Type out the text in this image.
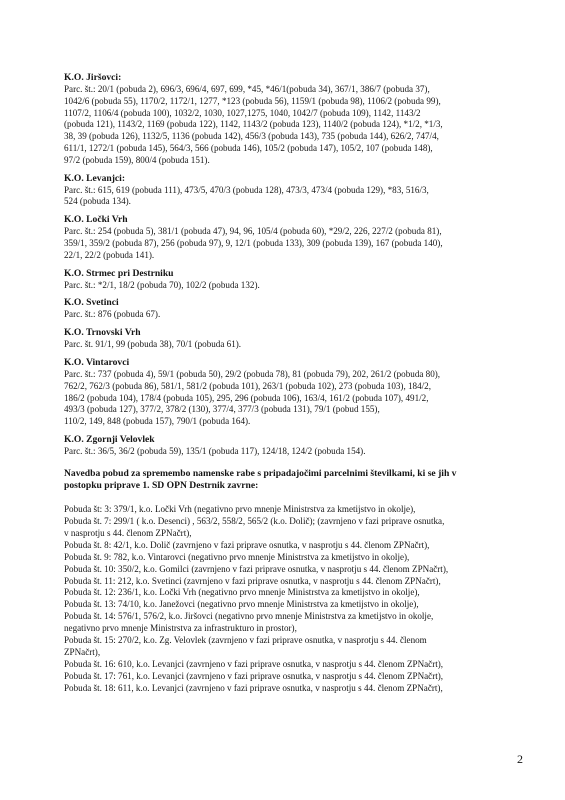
K.O. Jiršovci:
Parc. št.: 20/1 (pobuda 2), 696/3, 696/4, 697, 699, *45, *46/1(pobuda 34), 367/1, 386/7 (pobuda 37),
1042/6 (pobuda 55), 1170/2, 1172/1, 1277, *123 (pobuda 56), 1159/1 (pobuda 98), 1106/2 (pobuda 99),
1107/2, 1106/4 (pobuda 100), 1032/2, 1030, 1027,1275, 1040, 1042/7 (pobuda 109), 1142, 1143/2
(pobuda 121), 1143/2, 1169 (pobuda 122), 1142, 1143/2 (pobuda 123), 1140/2 (pobuda 124), *1/2, *1/3,
38, 39 (pobuda 126), 1132/5, 1136 (pobuda 142), 456/3 (pobuda 143), 735 (pobuda 144), 626/2, 747/4,
611/1, 1272/1 (pobuda 145), 564/3, 566 (pobuda 146), 105/2 (pobuda 147), 105/2, 107 (pobuda 148),
97/2 (pobuda 159), 800/4 (pobuda 151).
K.O. Levanjci:
Parc. št.: 615, 619 (pobuda 111), 473/5, 470/3 (pobuda 128), 473/3, 473/4 (pobuda 129), *83, 516/3,
524 (pobuda 134).
K.O. Ločki Vrh
Parc. št.: 254 (pobuda 5), 381/1 (pobuda 47), 94, 96, 105/4 (pobuda 60), *29/2, 226, 227/2 (pobuda 81),
359/1, 359/2 (pobuda 87), 256 (pobuda 97), 9, 12/1 (pobuda 133), 309 (pobuda 139), 167 (pobuda 140),
22/1, 22/2 (pobuda 141).
K.O. Strmec pri Destrniku
Parc. št.: *2/1, 18/2 (pobuda 70), 102/2 (pobuda 132).
K.O. Svetinci
Parc. št.: 876 (pobuda 67).
K.O. Trnovski Vrh
Parc. št. 91/1, 99 (pobuda 38), 70/1 (pobuda 61).
K.O. Vintarovci
Parc. št.: 737 (pobuda 4), 59/1 (pobuda 50), 29/2 (pobuda 78), 81 (pobuda 79), 202, 261/2 (pobuda 80),
762/2, 762/3 (pobuda 86), 581/1, 581/2 (pobuda 101), 263/1 (pobuda 102), 273 (pobuda 103), 184/2,
186/2 (pobuda 104), 178/4 (pobuda 105), 295, 296 (pobuda 106), 163/4, 161/2 (pobuda 107), 491/2,
493/3 (pobuda 127), 377/2, 378/2 (130), 377/4, 377/3 (pobuda 131), 79/1 (pobud 155),
110/2, 149, 848 (pobuda 157), 790/1 (pobuda 164).
K.O. Zgornji Velovlek
Parc. št.: 36/5, 36/2 (pobuda 59), 135/1 (pobuda 117), 124/18, 124/2 (pobuda 154).
Navedba pobud za spremembo namenske rabe s pripadajočimi parcelnimi številkami, ki se jih v
postopku priprave 1. SD OPN Destrnik zavrne:
Pobuda št: 3: 379/1, k.o. Ločki Vrh (negativno prvo mnenje Ministrstva za kmetijstvo in okolje),
Pobuda št. 7: 299/1 ( k.o. Desenci) , 563/2, 558/2, 565/2 (k.o. Dolič); (zavrnjeno v fazi priprave osnutka,
v nasprotju s 44. členom ZPNačrt),
Pobuda št. 8: 42/1, k.o. Dolič (zavrnjeno v fazi priprave osnutka, v nasprotju s 44. členom ZPNačrt),
Pobuda št. 9: 782, k.o. Vintarovci (negativno prvo mnenje Ministrstva za kmetijstvo in okolje),
Pobuda št. 10: 350/2, k.o. Gomilci (zavrnjeno v fazi priprave osnutka, v nasprotju s 44. členom ZPNačrt),
Pobuda št. 11: 212, k.o. Svetinci (zavrnjeno v fazi priprave osnutka, v nasprotju s 44. členom ZPNačrt),
Pobuda št. 12: 236/1, k.o. Ločki Vrh (negativno prvo mnenje Ministrstva za kmetijstvo in okolje),
Pobuda št. 13: 74/10, k.o. Janežovci (negativno prvo mnenje Ministrstva za kmetijstvo in okolje),
Pobuda št. 14: 576/1, 576/2, k.o. Jiršovci (negativno prvo mnenje Ministrstva za kmetijstvo in okolje,
negativno prvo mnenje Ministrstva za infrastrukturo in prostor),
Pobuda št. 15: 270/2, k.o. Zg. Velovlek (zavrnjeno v fazi priprave osnutka, v nasprotju s 44. členom
ZPNačrt),
Pobuda št. 16: 610, k.o. Levanjci (zavrnjeno v fazi priprave osnutka, v nasprotju s 44. členom ZPNačrt),
Pobuda št. 17: 761, k.o. Levanjci (zavrnjeno v fazi priprave osnutka, v nasprotju s 44. členom ZPNačrt),
Pobuda št. 18: 611, k.o. Levanjci (zavrnjeno v fazi priprave osnutka, v nasprotju s 44. členom ZPNačrt),
2
